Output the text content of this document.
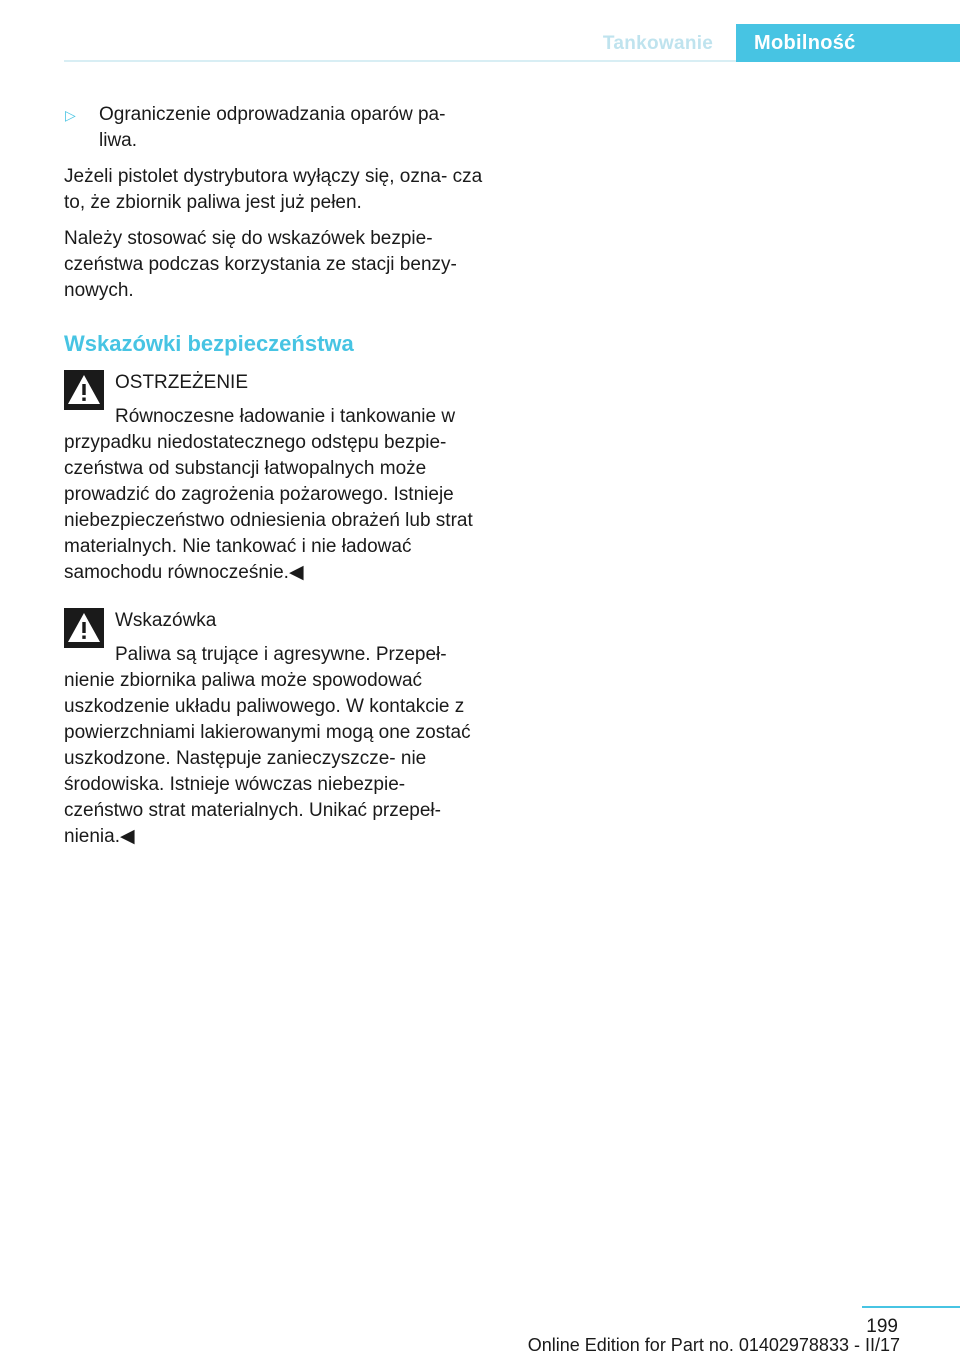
Tankowanie	Mobilność
▷ Ograniczenie odprowadzania oparów pa- liwa.

Jeżeli pistolet dystrybutora wyłączy się, ozna- cza to, że zbiornik paliwa jest już pełen.

Należy stosować się do wskazówek bezpie- czeństwa podczas korzystania ze stacji benzy- nowych.

Wskazówki bezpieczeństwa
OSTRZEŻENIE
Równoczesne ładowanie i tankowanie w przypadku niedostatecznego odstępu bezpie- czeństwa od substancji łatwopalnych może prowadzić do zagrożenia pożarowego. Istnieje niebezpieczeństwo odniesienia obrażeń lub strat materialnych. Nie tankować i nie ładować samochodu równocześnie.◀
Wskazówka
Paliwa są trujące i agresywne. Przepeł- nienie zbiornika paliwa może spowodować uszkodzenie układu paliwowego. W kontakcie z powierzchniami lakierowanymi mogą one zostać uszkodzone. Następuje zanieczyszcze- nie środowiska. Istnieje wówczas niebezpie- czeństwo strat materialnych. Unikać przepeł- nienia.◀
199
Online Edition for Part no. 01402978833 - II/17
